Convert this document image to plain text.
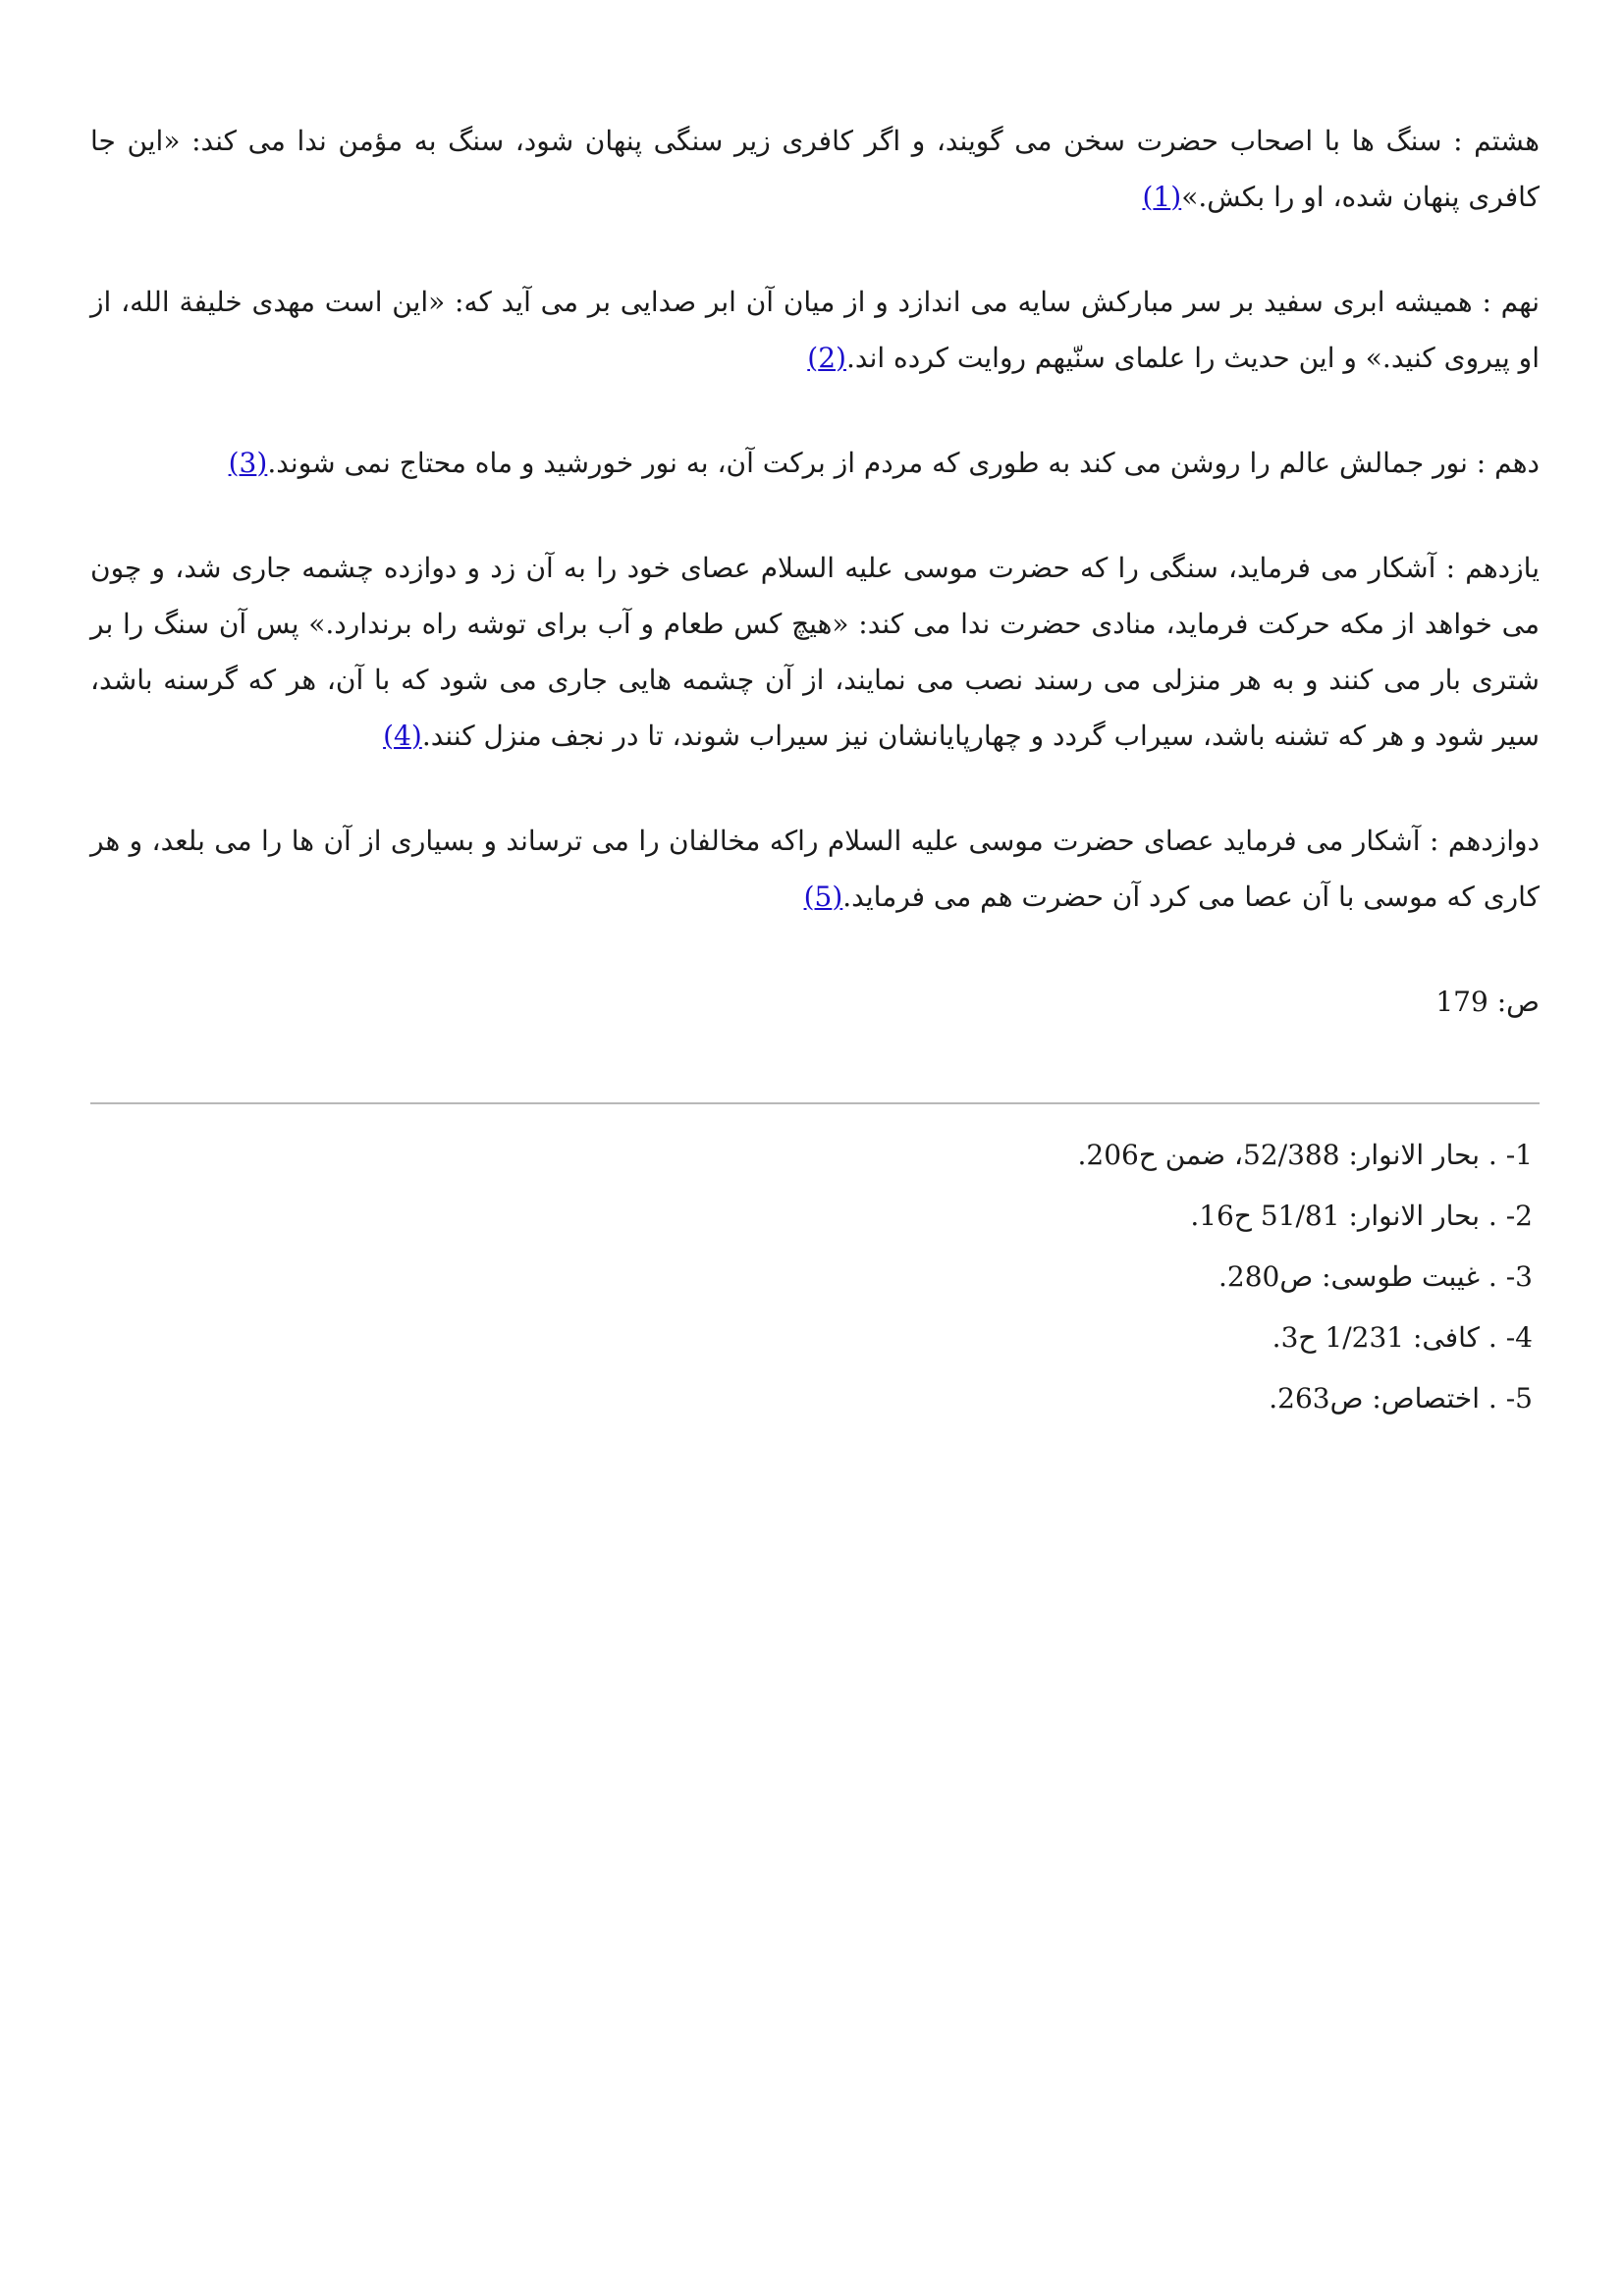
هشتم : سنگ ها با اصحاب حضرت سخن می گویند، و اگر کافری زیر سنگی پنهان شود، سنگ به مؤمن ندا می کند: «این جا کافری پنهان شده، او را بکش.»(1)

نهم : همیشه ابری سفید بر سر مبارکش سایه می اندازد و از میان آن ابر صدایی بر می آید که: «این است مهدی خلیفة الله، از او پیروی کنید.» و این حدیث را علمای سنّیهم روایت کرده اند.(2)

دهم : نور جمالش عالم را روشن می کند به طوری که مردم از برکت آن، به نور خورشید و ماه محتاج نمی شوند.(3)

یازدهم : آشکار می فرماید، سنگی را که حضرت موسی علیه السلام عصای خود را به آن زد و دوازده چشمه جاری شد، و چون می خواهد از مکه حرکت فرماید، منادی حضرت ندا می کند: «هیچ کس طعام و آب برای توشه راه برندارد.» پس آن سنگ را بر شتری بار می کنند و به هر منزلی می رسند نصب می نمایند، از آن چشمه هایی جاری می شود که با آن، هر که گرسنه باشد، سیر شود و هر که تشنه باشد، سیراب گردد و چهارپایانشان نیز سیراب شوند، تا در نجف منزل کنند.(4)

دوازدهم : آشکار می فرماید عصای حضرت موسی علیه السلام راکه مخالفان را می ترساند و بسیاری از آن ها را می بلعد، و هر کاری که موسی با آن عصا می کرد آن حضرت هم می فرماید.(5)

ص: 179
1- . بحار الانوار: 52/388، ضمن ح206.
2- . بحار الانوار: 51/81 ح16.
3- . غیبت طوسی: ص280.
4- . کافی: 1/231 ح3.
5- . اختصاص: ص263.
